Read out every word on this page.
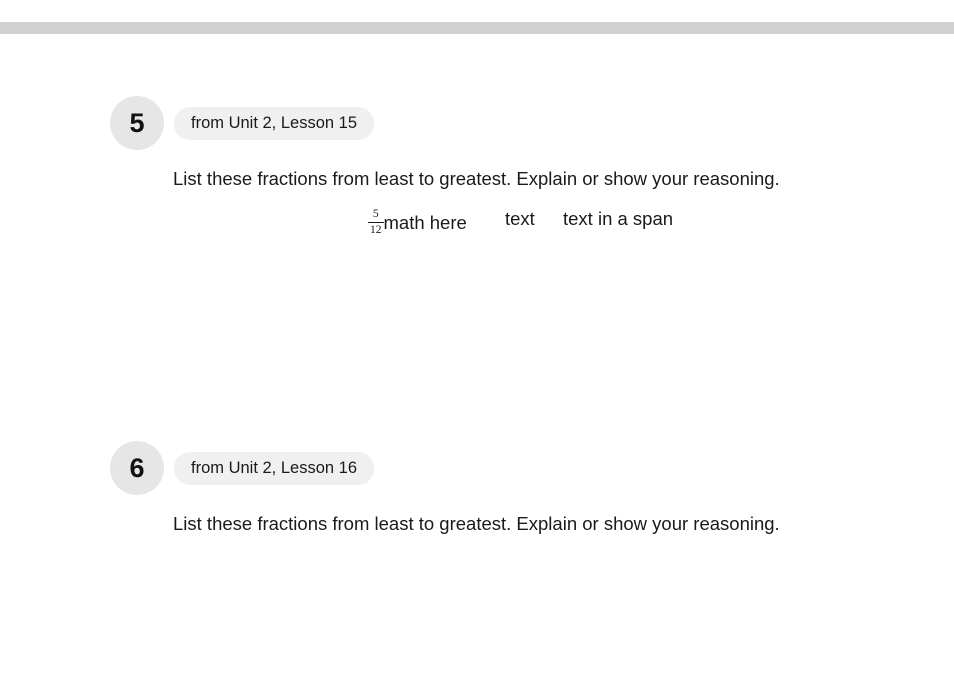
5	from Unit 2, Lesson 15
List these fractions from least to greatest. Explain or show your reasoning.
$\frac{5}{12}$ math here	text text in a span
6	from Unit 2, Lesson 16
List these fractions from least to greatest. Explain or show your reasoning.
